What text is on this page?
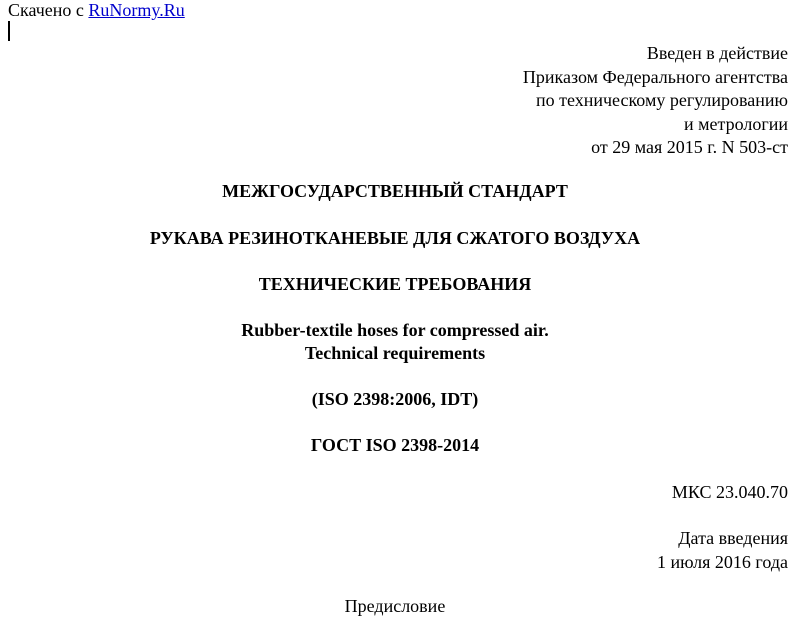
Скачено с RuNormy.Ru
Введен в действие
Приказом Федерального агентства
по техническому регулированию
и метрологии
от 29 мая 2015 г. N 503-ст
МЕЖГОСУДАРСТВЕННЫЙ СТАНДАРТ
РУКАВА РЕЗИНОТКАНЕВЫЕ ДЛЯ СЖАТОГО ВОЗДУХА
ТЕХНИЧЕСКИЕ ТРЕБОВАНИЯ
Rubber-textile hoses for compressed air.
Technical requirements
(ISO 2398:2006, IDT)
ГОСТ ISO 2398-2014
МКС 23.040.70
Дата введения
1 июля 2016 года
Предисловие
